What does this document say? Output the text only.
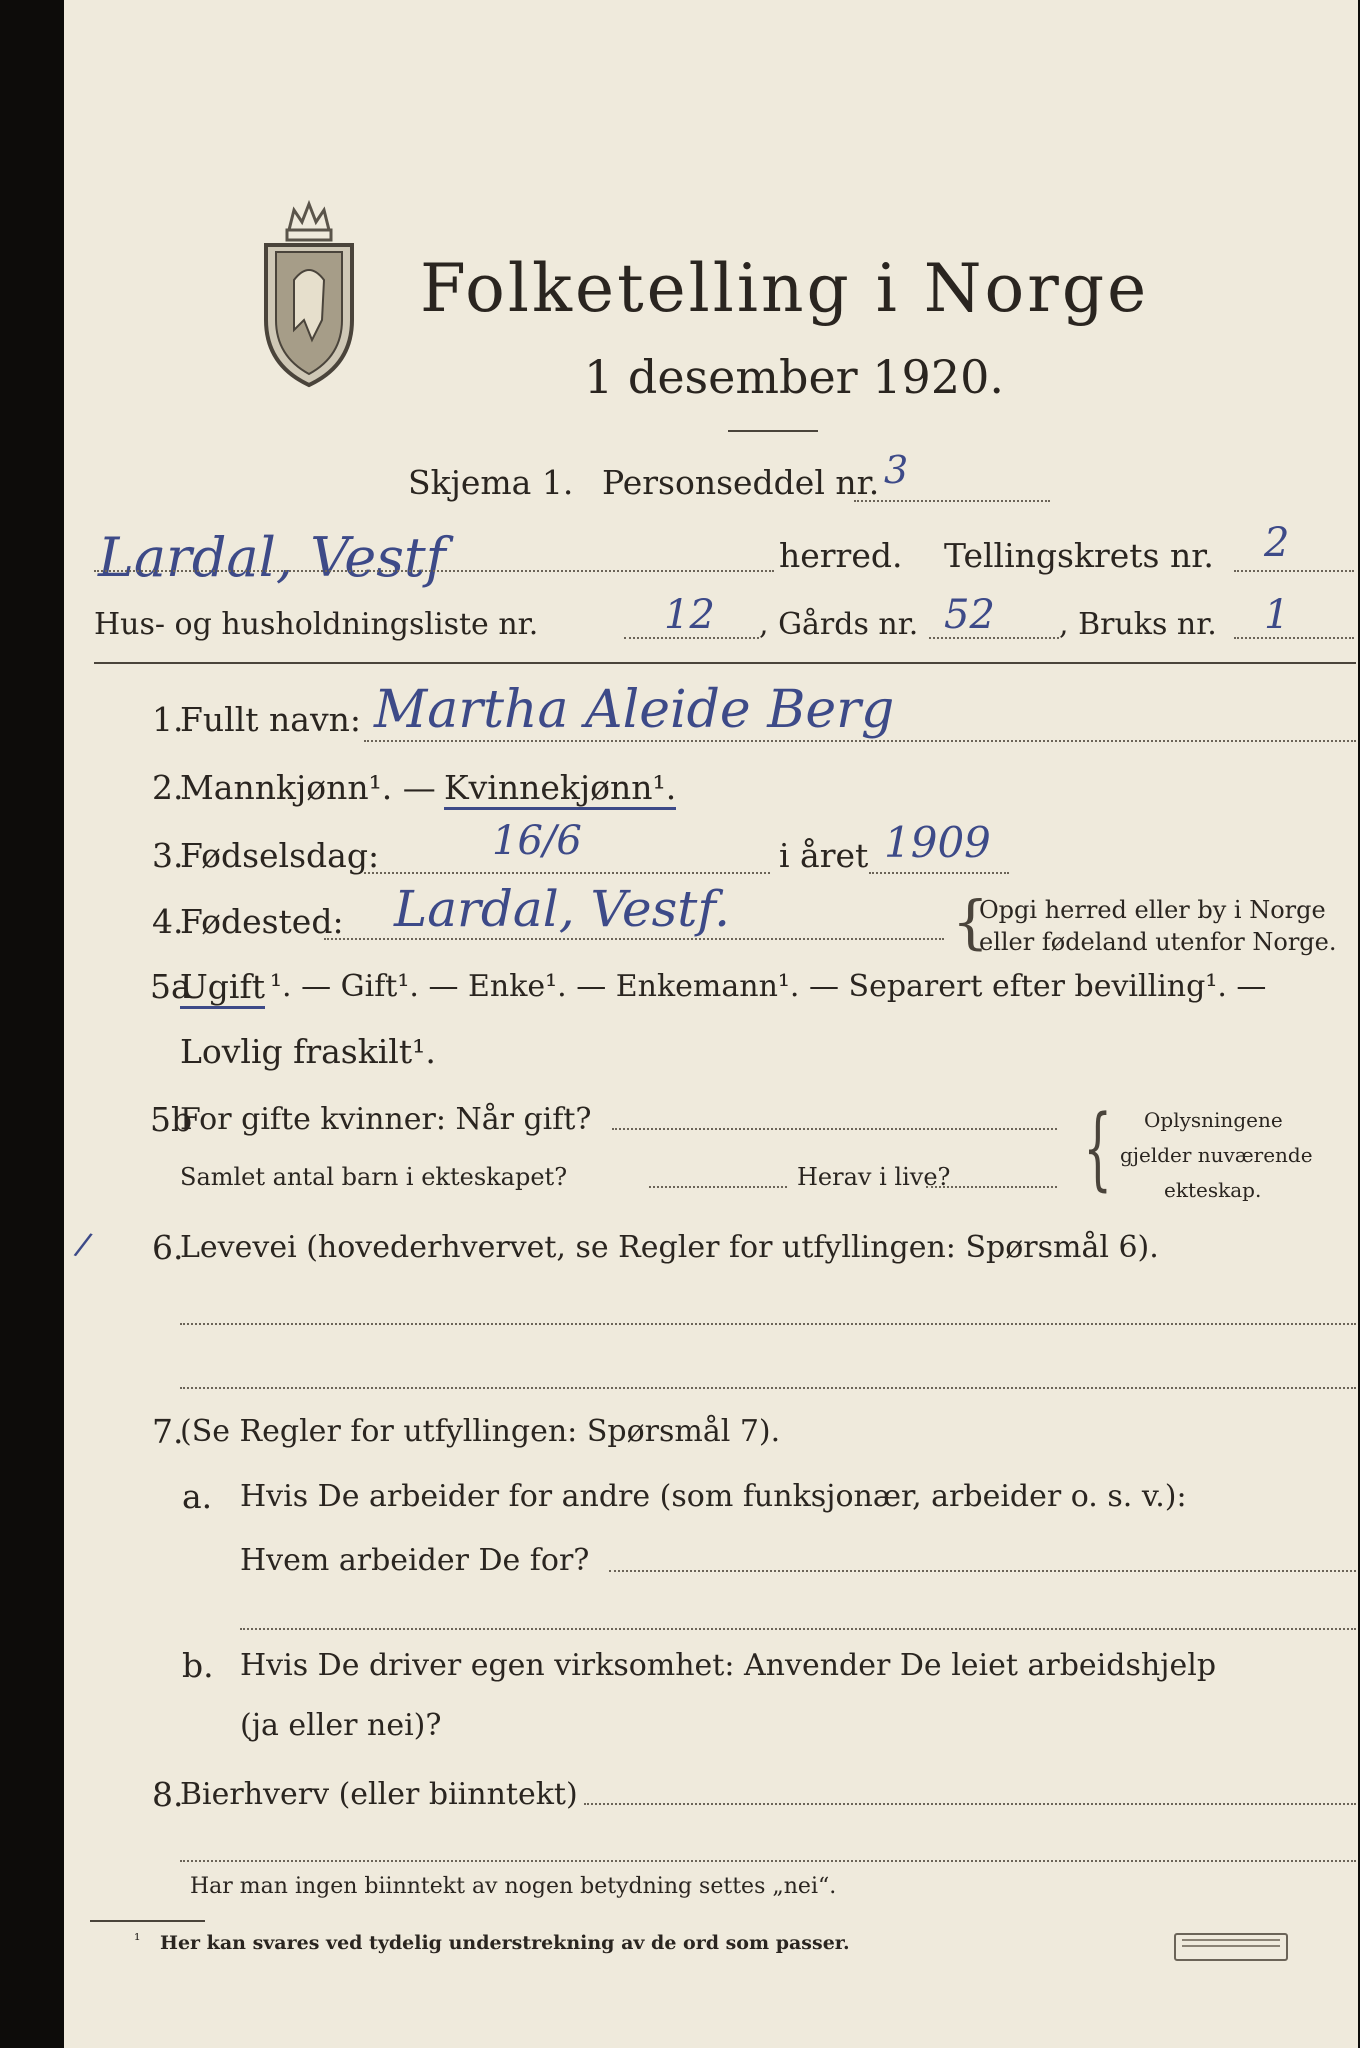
Folketelling i Norge
1 desember 1920.
Skjema 1. Personseddel nr. 3
Lardal, Vestf	herred. Tellingskrets nr. 2
Hus- og husholdningsliste nr.	12 , Gårds nr. 52 , Bruks nr. 1
1.
Fullt navn: Martha Aleide Berg
2.
Mannkjønn¹. — Kvinnekjønn¹.
3.
Fødselsdag:	16/6	i året 1909
4.
Fødested: Lardal, Vestf.	{
Opgi herred eller by i Norge
eller fødeland utenfor Norge.
5a
Ugift ¹. — Gift¹. — Enke¹. — Enkemann¹. — Separert efter bevilling¹. —
Lovlig fraskilt¹.
5b
For gifte kvinner: Når gift?
Samlet antal barn i ekteskapet?	Herav i live? { Oplysningene
gjelder nuværende
ekteskap.
/ 6.
Levevei (hovederhvervet, se Regler for utfyllingen: Spørsmål 6).
7.
(Se Regler for utfyllingen: Spørsmål 7).
a. Hvis De arbeider for andre (som funksjonær, arbeider o. s. v.):
Hvem arbeider De for?
b. Hvis De driver egen virksomhet: Anvender De leiet arbeidshjelp
(ja eller nei)?
8.
Bierhverv (eller biinntekt)
Har man ingen biinntekt av nogen betydning settes „nei“.
¹ Her kan svares ved tydelig understrekning av de ord som passer.
